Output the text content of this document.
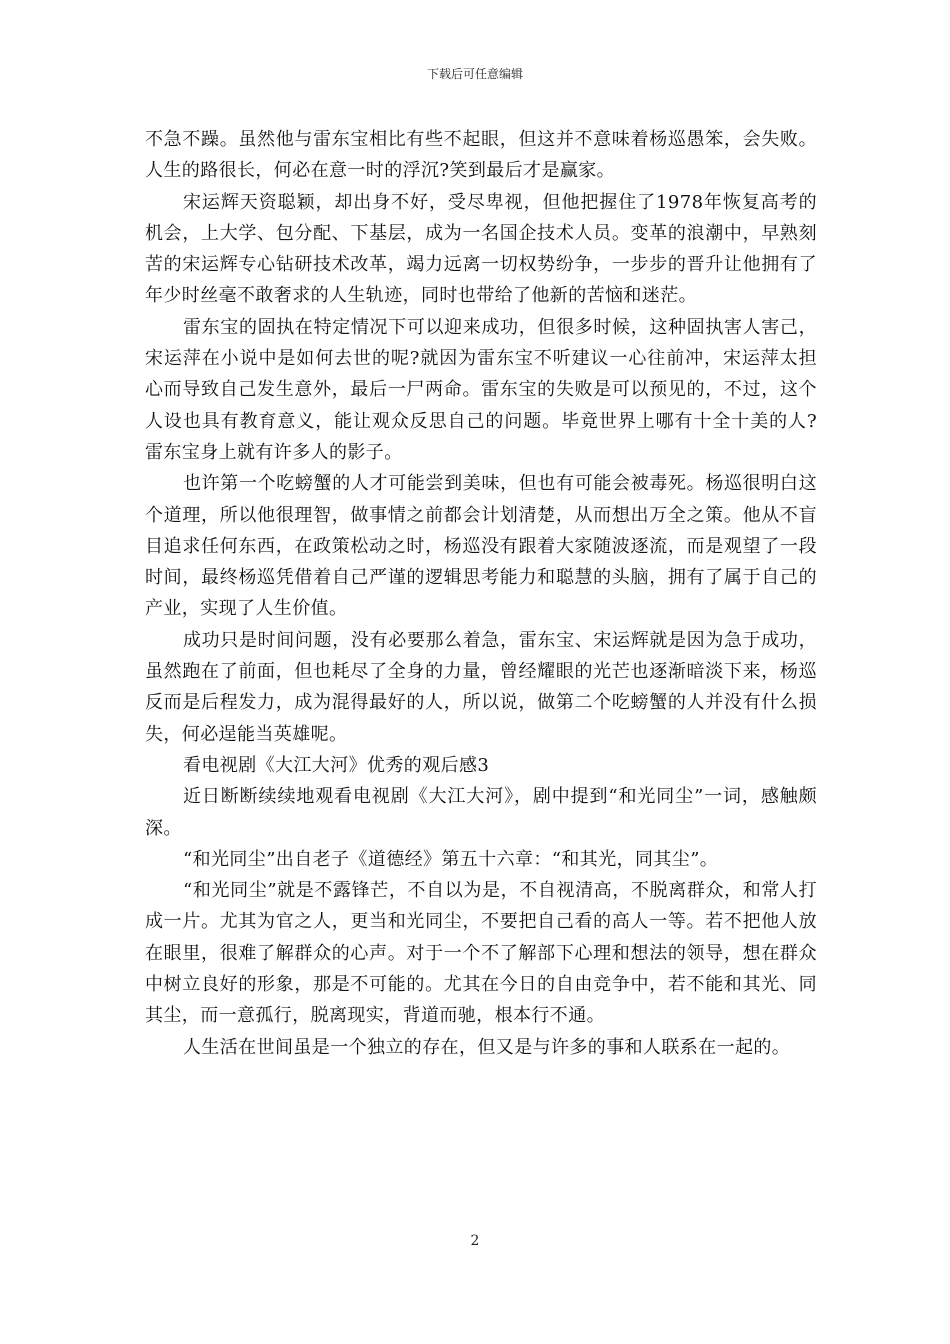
下载后可任意编辑

不急不躁。虽然他与雷东宝相比有些不起眼，但这并不意味着杨巡愚笨，会失败。人生的路很长，何必在意一时的浮沉?笑到最后才是赢家。

宋运辉天资聪颖，却出身不好，受尽卑视，但他把握住了1978年恢复高考的机会，上大学、包分配、下基层，成为一名国企技术人员。变革的浪潮中，早熟刻苦的宋运辉专心钻研技术改革，竭力远离一切权势纷争，一步步的晋升让他拥有了年少时丝毫不敢奢求的人生轨迹，同时也带给了他新的苦恼和迷茫。

雷东宝的固执在特定情况下可以迎来成功，但很多时候，这种固执害人害己，宋运萍在小说中是如何去世的呢?就因为雷东宝不听建议一心往前冲，宋运萍太担心而导致自己发生意外，最后一尸两命。雷东宝的失败是可以预见的，不过，这个人设也具有教育意义，能让观众反思自己的问题。毕竟世界上哪有十全十美的人?雷东宝身上就有许多人的影子。

也许第一个吃螃蟹的人才可能尝到美味，但也有可能会被毒死。杨巡很明白这个道理，所以他很理智，做事情之前都会计划清楚，从而想出万全之策。他从不盲目追求任何东西，在政策松动之时，杨巡没有跟着大家随波逐流，而是观望了一段时间，最终杨巡凭借着自己严谨的逻辑思考能力和聪慧的头脑，拥有了属于自己的产业，实现了人生价值。

成功只是时间问题，没有必要那么着急，雷东宝、宋运辉就是因为急于成功，虽然跑在了前面，但也耗尽了全身的力量，曾经耀眼的光芒也逐渐暗淡下来，杨巡反而是后程发力，成为混得最好的人，所以说，做第二个吃螃蟹的人并没有什么损失，何必逞能当英雄呢。

看电视剧《大江大河》优秀的观后感3

近日断断续续地观看电视剧《大江大河》，剧中提到“和光同尘”一词，感触颇深。

“和光同尘”出自老子《道德经》第五十六章：“和其光，同其尘”。

“和光同尘”就是不露锋芒，不自以为是，不自视清高，不脱离群众，和常人打成一片。尤其为官之人，更当和光同尘，不要把自己看的高人一等。若不把他人放在眼里，很难了解群众的心声。对于一个不了解部下心理和想法的领导，想在群众中树立良好的形象，那是不可能的。尤其在今日的自由竞争中，若不能和其光、同其尘，而一意孤行，脱离现实，背道而驰，根本行不通。

人生活在世间虽是一个独立的存在，但又是与许多的事和人联系在一起的。

2
